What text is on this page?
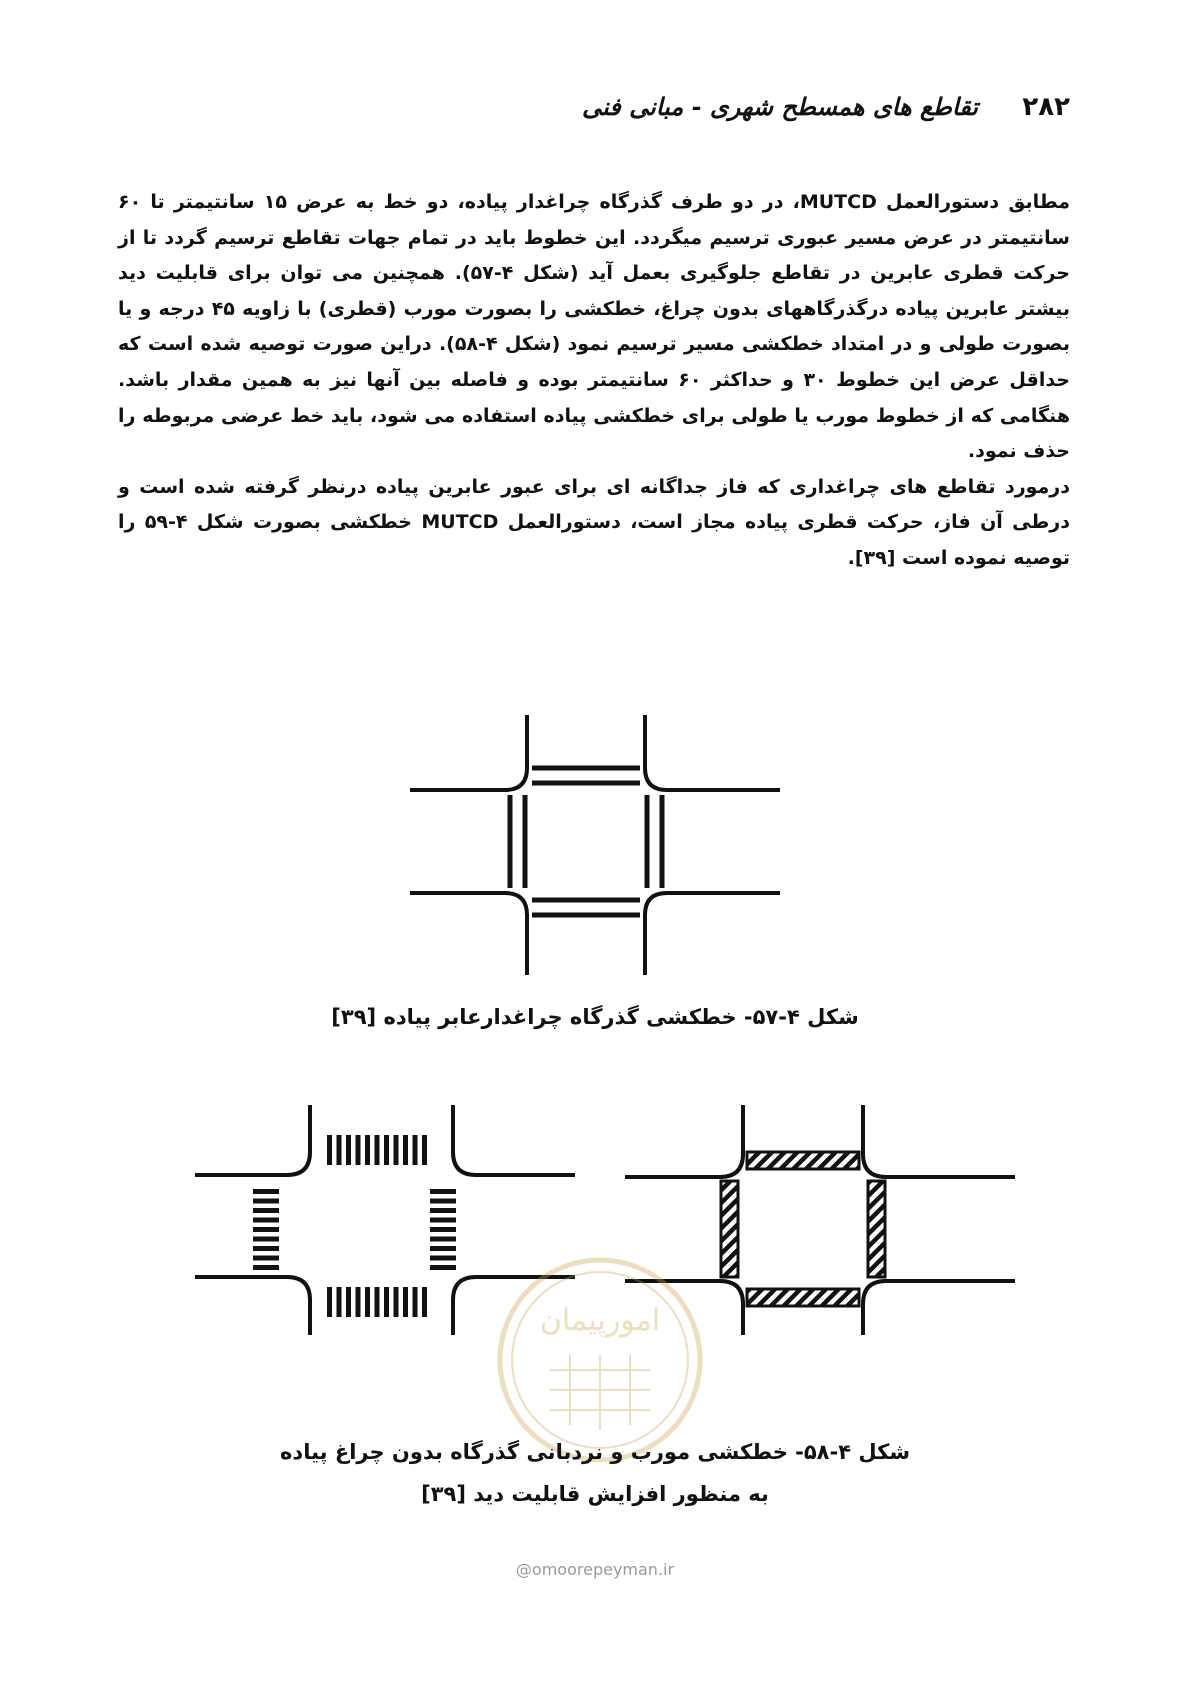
۲۸۲
تقاطع های همسطح شهری - مبانی فنی

مطابق دستورالعمل MUTCD، در دو طرف گذرگاه چراغدار پیاده، دو خط به عرض ۱۵ سانتیمتر تا ۶۰ سانتیمتر در عرض مسیر عبوری ترسیم میگردد. این خطوط باید در تمام جهات تقاطع ترسیم گردد تا از حرکت قطری عابرین در تقاطع جلوگیری بعمل آید (شکل ۴-۵۷). همچنین می توان برای قابلیت دید بیشتر عابرین پیاده درگذرگاههای بدون چراغ، خطکشی را بصورت مورب (قطری) با زاویه ۴۵ درجه و یا بصورت طولی و در امتداد خطکشی مسیر ترسیم نمود (شکل ۴-۵۸). دراین صورت توصیه شده است که حداقل عرض این خطوط ۳۰ و حداکثر ۶۰ سانتیمتر بوده و فاصله بین آنها نیز به همین مقدار باشد. هنگامی که از خطوط مورب یا طولی برای خطکشی پیاده استفاده می شود، باید خط عرضی مربوطه را حذف نمود.

درمورد تقاطع های چراغداری که فاز جداگانه ای برای عبور عابرین پیاده درنظر گرفته شده است و درطی آن فاز، حرکت قطری پیاده مجاز است، دستورالعمل MUTCD خطکشی بصورت شکل ۴-۵۹ را توصیه نموده است [۳۹].

شکل ۴-۵۷- خطکشی گذرگاه چراغدارعابر پیاده [۳۹]
امورپیمان
شکل ۴-۵۸- خطکشی مورب و نردبانی گذرگاه بدون چراغ پیاده
به منظور افزایش قابلیت دید [۳۹]
@omoorepeyman.ir
